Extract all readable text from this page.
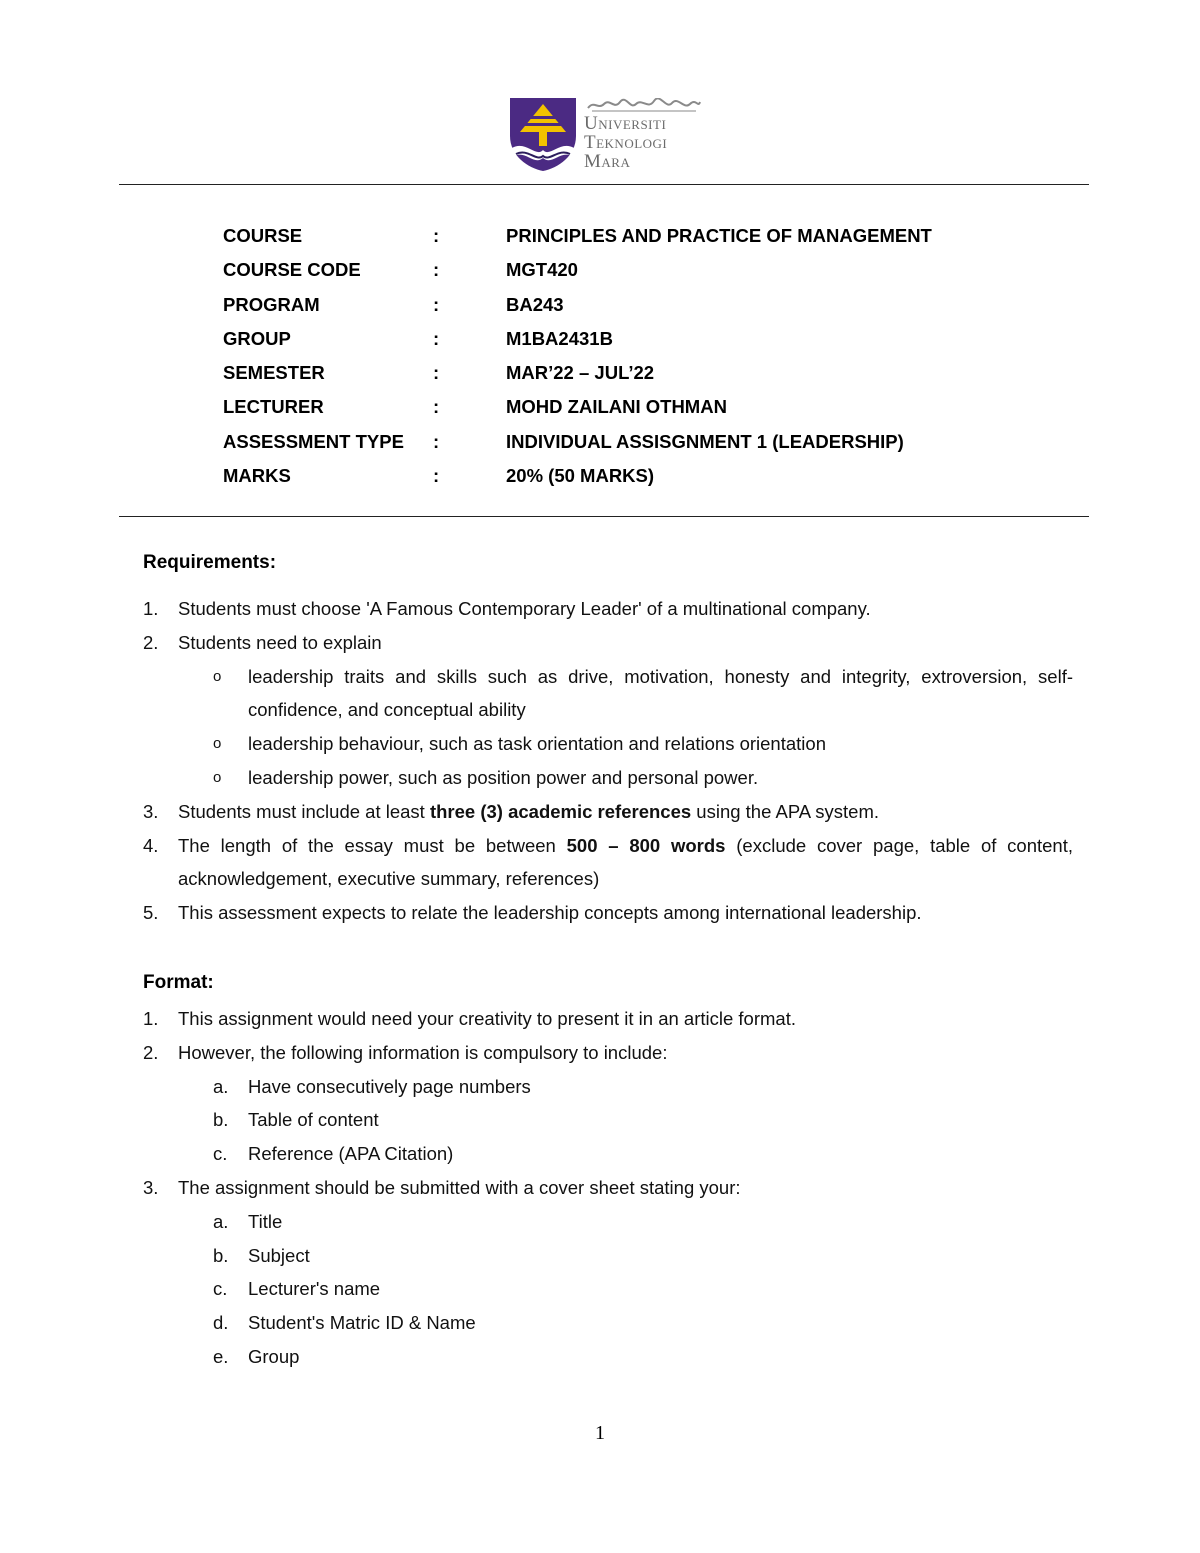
Universiti
Teknologi
Mara
COURSE	:	PRINCIPLES AND PRACTICE OF MANAGEMENT
COURSE CODE	:	MGT420
PROGRAM	:	BA243
GROUP	:	M1BA2431B
SEMESTER	:	MAR’22 – JUL’22
LECTURER	:	MOHD ZAILANI OTHMAN
ASSESSMENT TYPE :	INDIVIDUAL ASSISGNMENT 1 (LEADERSHIP)
MARKS	:	20% (50 MARKS)
Requirements:
1. Students must choose 'A Famous Contemporary Leader' of a multinational company.
2. Students need to explain
o leadership traits and skills such as drive, motivation, honesty and integrity, extroversion, self-confidence, and conceptual ability
o leadership behaviour, such as task orientation and relations orientation
o leadership power, such as position power and personal power.
3. Students must include at least three (3) academic references using the APA system.
4. The length of the essay must be between 500 – 800 words (exclude cover page, table of content, acknowledgement, executive summary, references)
5. This assessment expects to relate the leadership concepts among international leadership.
Format:
1. This assignment would need your creativity to present it in an article format.
2. However, the following information is compulsory to include:
a. Have consecutively page numbers
b. Table of content
c. Reference (APA Citation)
3. The assignment should be submitted with a cover sheet stating your:
a. Title
b. Subject
c. Lecturer's name
d. Student's Matric ID & Name
e. Group
1
